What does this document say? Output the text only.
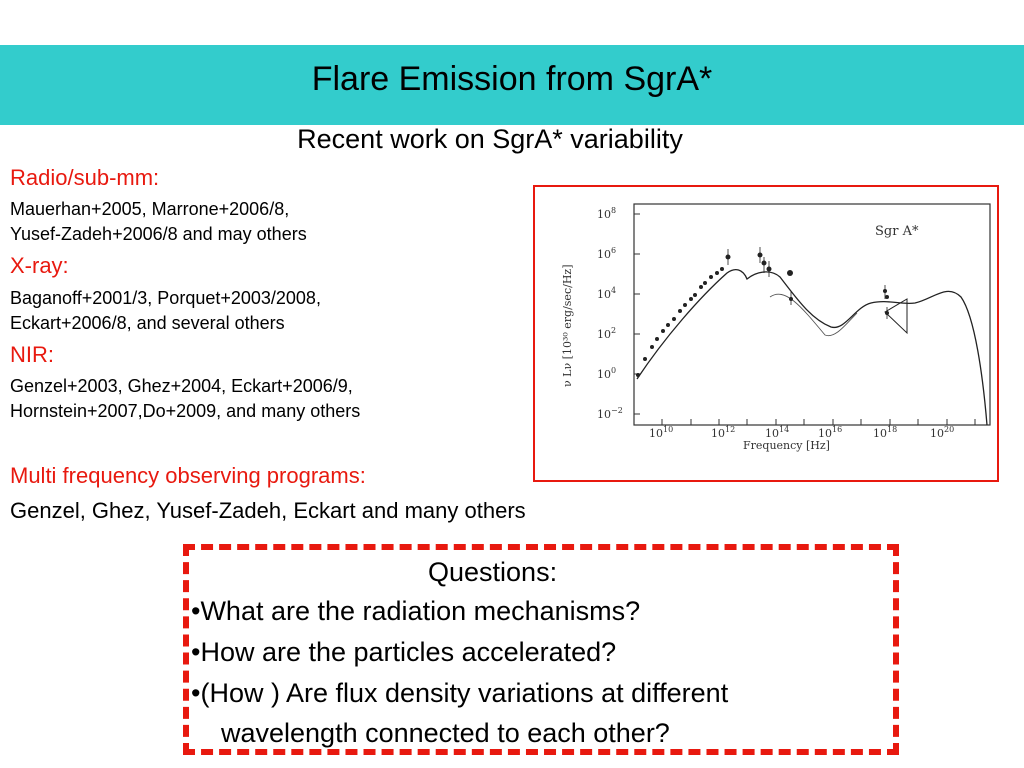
Flare Emission from SgrA*
Recent work on SgrA* variability
Radio/sub-mm:
Mauerhan+2005, Marrone+2006/8,
Yusef-Zadeh+2006/8 and may others
X-ray:
Baganoff+2001/3, Porquet+2003/2008,
Eckart+2006/8, and several others
NIR:
Genzel+2003, Ghez+2004, Eckart+2006/9,
Hornstein+2007,Do+2009, and many others
Multi frequency observing programs:
Genzel, Ghez, Yusef-Zadeh, Eckart and many others
Sgr A*
Frequency [Hz]
ν Lν [10³⁰ erg/sec/Hz]
$10^{10}$	$10^{12}$	$10^{14}$	$10^{16}$	$10^{18}$	$10^{20}$
$10^8$
$10^6$
$10^4$
$10^2$
$10^0$
$10^{-2}$
Questions:
•What are the radiation mechanisms?
•How are the particles accelerated?
•(How ) Are flux density variations at different
wavelength connected to each other?
